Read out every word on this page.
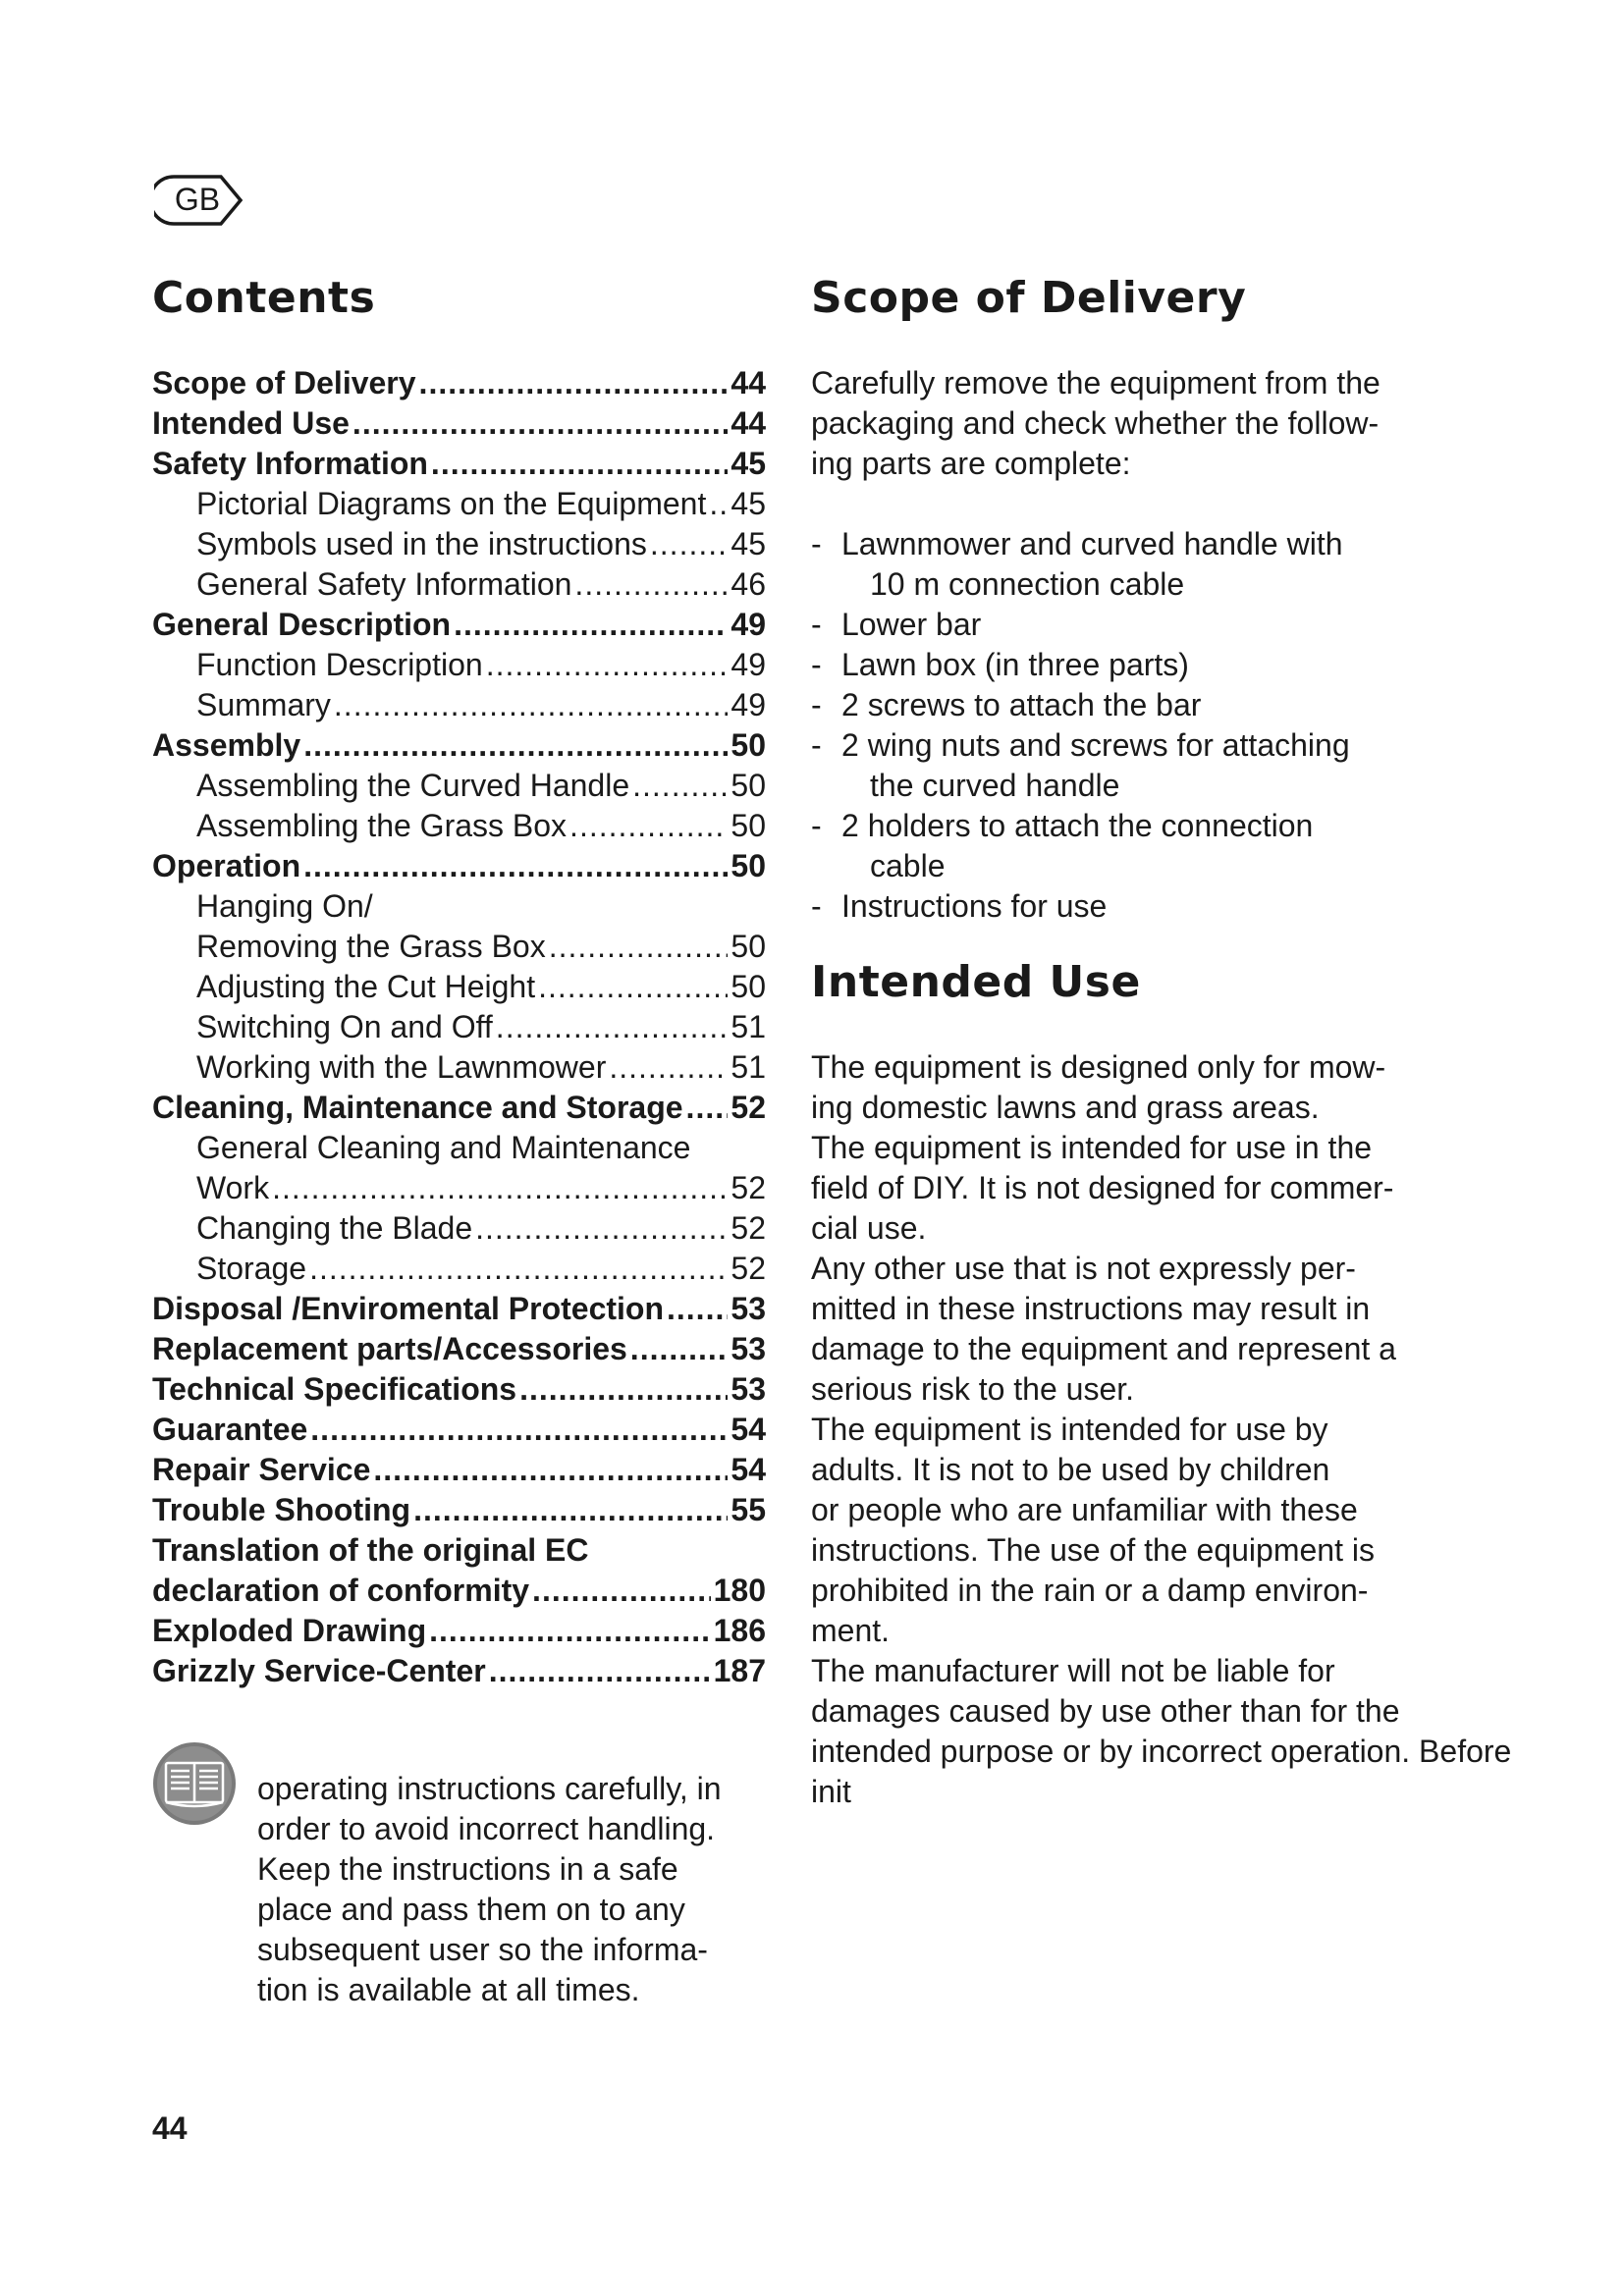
GB
Contents
Scope of Delivery .....	44
Intended Use .....	44
Safety Information .....	45
Pictorial Diagrams on the Equipment ..... 45
Symbols used in the instructions .....	45
General Safety Information .....	46
General Description .....	49
Function Description .....	49
Summary .....	49
Assembly .....	50
Assembling the Curved Handle .....	50
Assembling the Grass Box .....	50
Operation .....	50
Hanging On/
Removing the Grass Box .....	50
Adjusting the Cut Height .....	50
Switching On and Off .....	51
Working with the Lawnmower .....	51
Cleaning, Maintenance and Storage ..... 52
General Cleaning and Maintenance
Work .....	52
Changing the Blade .....	52
Storage .....	52
Disposal /Enviromental Protection ..... 53
Replacement parts/Accessories .....	53
Technical Specifications .....	53
Guarantee .....	54
Repair Service .....	54
Trouble Shooting .....	55
Translation of the original EC
declaration of conformity .....	180
Exploded Drawing .....	186
Grizzly Service-Center .....	187
Scope of Delivery
Carefully remove the equipment from the
packaging and check whether the follow-
ing parts are complete:
- Lawnmower and curved handle with
10 m connection cable
- Lower bar
- Lawn box (in three parts)
- 2 screws to attach the bar
- 2 wing nuts and screws for attaching
the curved handle
- 2 holders to attach the connection
cable
- Instructions for use
Intended Use
The equipment is designed only for mow-
ing domestic lawns and grass areas.
The equipment is intended for use in the
field of DIY. It is not designed for commer-
cial use.
Any other use that is not expressly per-
mitted in these instructions may result in
damage to the equipment and represent a
serious risk to the user.
The equipment is intended for use by
adults. It is not to be used by children
or people who are unfamiliar with these
instructions. The use of the equipment is
prohibited in the rain or a damp environ-
ment.
The manufacturer will not be liable for
damages caused by use other than for the
intended purpose or by incorrect operation. Before init
operating instructions carefully, in
order to avoid incorrect handling.
Keep the instructions in a safe
place and pass them on to any
subsequent user so the informa-
tion is available at all times.
44
